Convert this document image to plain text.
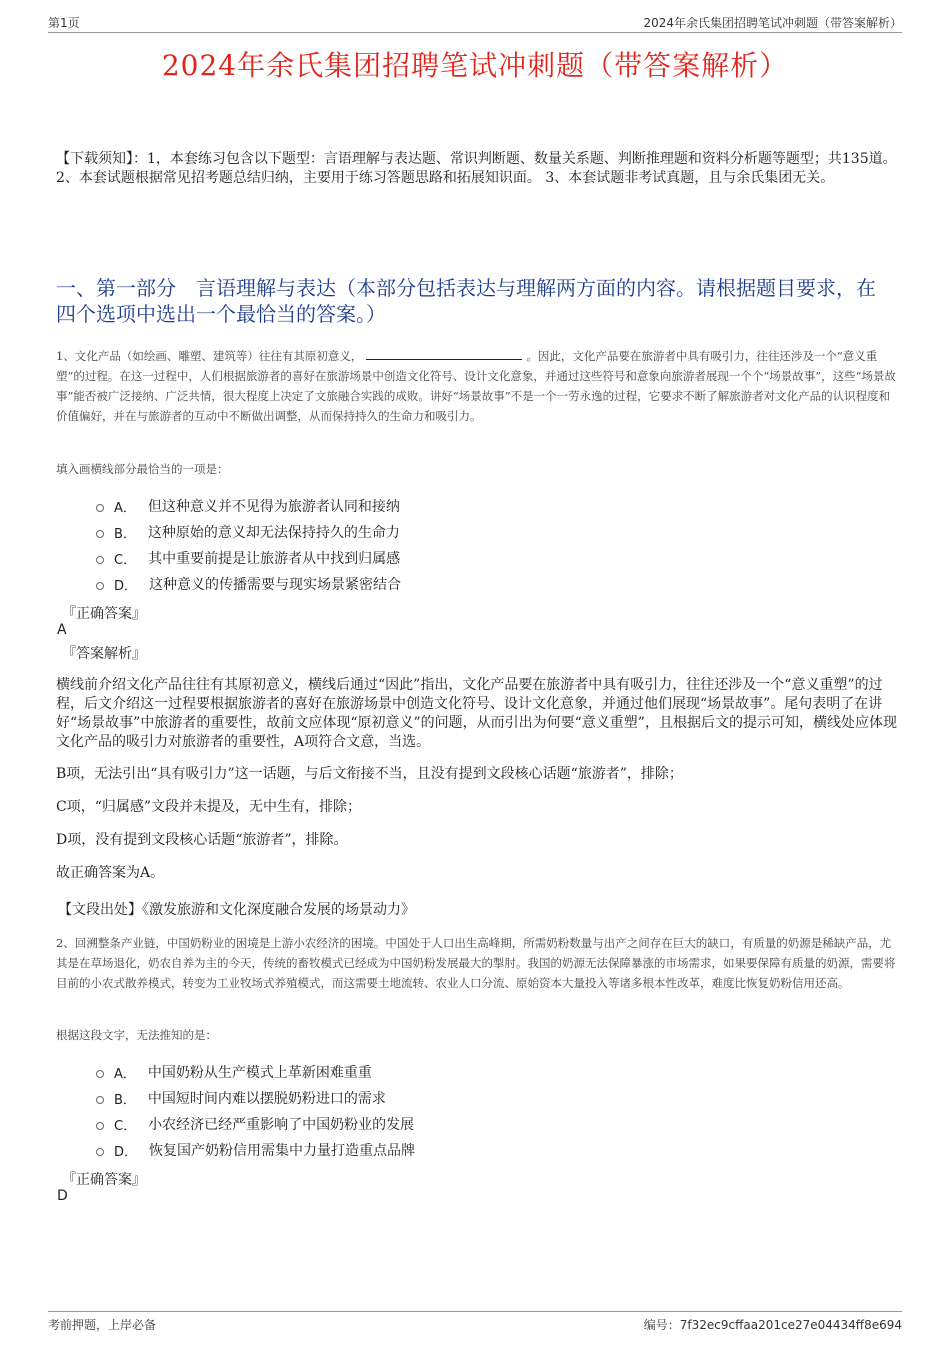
第1页	2024年余氏集团招聘笔试冲刺题（带答案解析）
2024年余氏集团招聘笔试冲刺题（带答案解析）
【下载须知】：1，本套练习包含以下题型：言语理解与表达题、常识判断题、数量关系题、判断推理题和资料分析题等题型；共135道。 2、本套试题根据常见招考题总结归纳，主要用于练习答题思路和拓展知识面。 3、本套试题非考试真题，且与余氏集团无关。
一、第一部分　言语理解与表达（本部分包括表达与理解两方面的内容。请根据题目要求，在四个选项中选出一个最恰当的答案。）
1、文化产品（如绘画、雕塑、建筑等）往往有其原初意义，	。因此，文化产品要在旅游者中具有吸引力，往往还涉及一个“意义重塑”的过程。在这一过程中，人们根据旅游者的喜好在旅游场景中创造文化符号、设计文化意象，并通过这些符号和意象向旅游者展现一个个“场景故事”，这些“场景故事”能否被广泛接纳、广泛共情，很大程度上决定了文旅融合实践的成败。讲好“场景故事”不是一个一劳永逸的过程，它要求不断了解旅游者对文化产品的认识程度和价值偏好，并在与旅游者的互动中不断做出调整，从而保持持久的生命力和吸引力。
填入画横线部分最恰当的一项是：
A． 但这种意义并不见得为旅游者认同和接纳
B． 这种原始的意义却无法保持持久的生命力
C． 其中重要前提是让旅游者从中找到归属感
D． 这种意义的传播需要与现实场景紧密结合
『正确答案』
A
『答案解析』
横线前介绍文化产品往往有其原初意义，横线后通过“因此”指出，文化产品要在旅游者中具有吸引力，往往还涉及一个“意义重塑”的过程，后文介绍这一过程要根据旅游者的喜好在旅游场景中创造文化符号、设计文化意象，并通过他们展现“场景故事”。尾句表明了在讲好“场景故事”中旅游者的重要性，故前文应体现“原初意义”的问题，从而引出为何要“意义重塑”，且根据后文的提示可知，横线处应体现文化产品的吸引力对旅游者的重要性，A项符合文意，当选。
B项，无法引出“具有吸引力”这一话题，与后文衔接不当，且没有提到文段核心话题“旅游者”，排除；
C项，“归属感”文段并未提及，无中生有，排除；
D项，没有提到文段核心话题“旅游者”，排除。
故正确答案为A。
【文段出处】《激发旅游和文化深度融合发展的场景动力》
2、回溯整条产业链，中国奶粉业的困境是上游小农经济的困境。中国处于人口出生高峰期，所需奶粉数量与出产之间存在巨大的缺口，有质量的奶源是稀缺产品，尤其是在草场退化，奶农自养为主的今天，传统的畜牧模式已经成为中国奶粉发展最大的掣肘。我国的奶源无法保障暴涨的市场需求，如果要保障有质量的奶源，需要将目前的小农式散养模式，转变为工业牧场式养殖模式，而这需要土地流转、农业人口分流、原始资本大量投入等诸多根本性改革，难度比恢复奶粉信用还高。
根据这段文字，无法推知的是：
A． 中国奶粉从生产模式上革新困难重重
B． 中国短时间内难以摆脱奶粉进口的需求
C． 小农经济已经严重影响了中国奶粉业的发展
D． 恢复国产奶粉信用需集中力量打造重点品牌
『正确答案』
D
考前押题，上岸必备	编号：7f32ec9cffaa201ce27e04434ff8e694
